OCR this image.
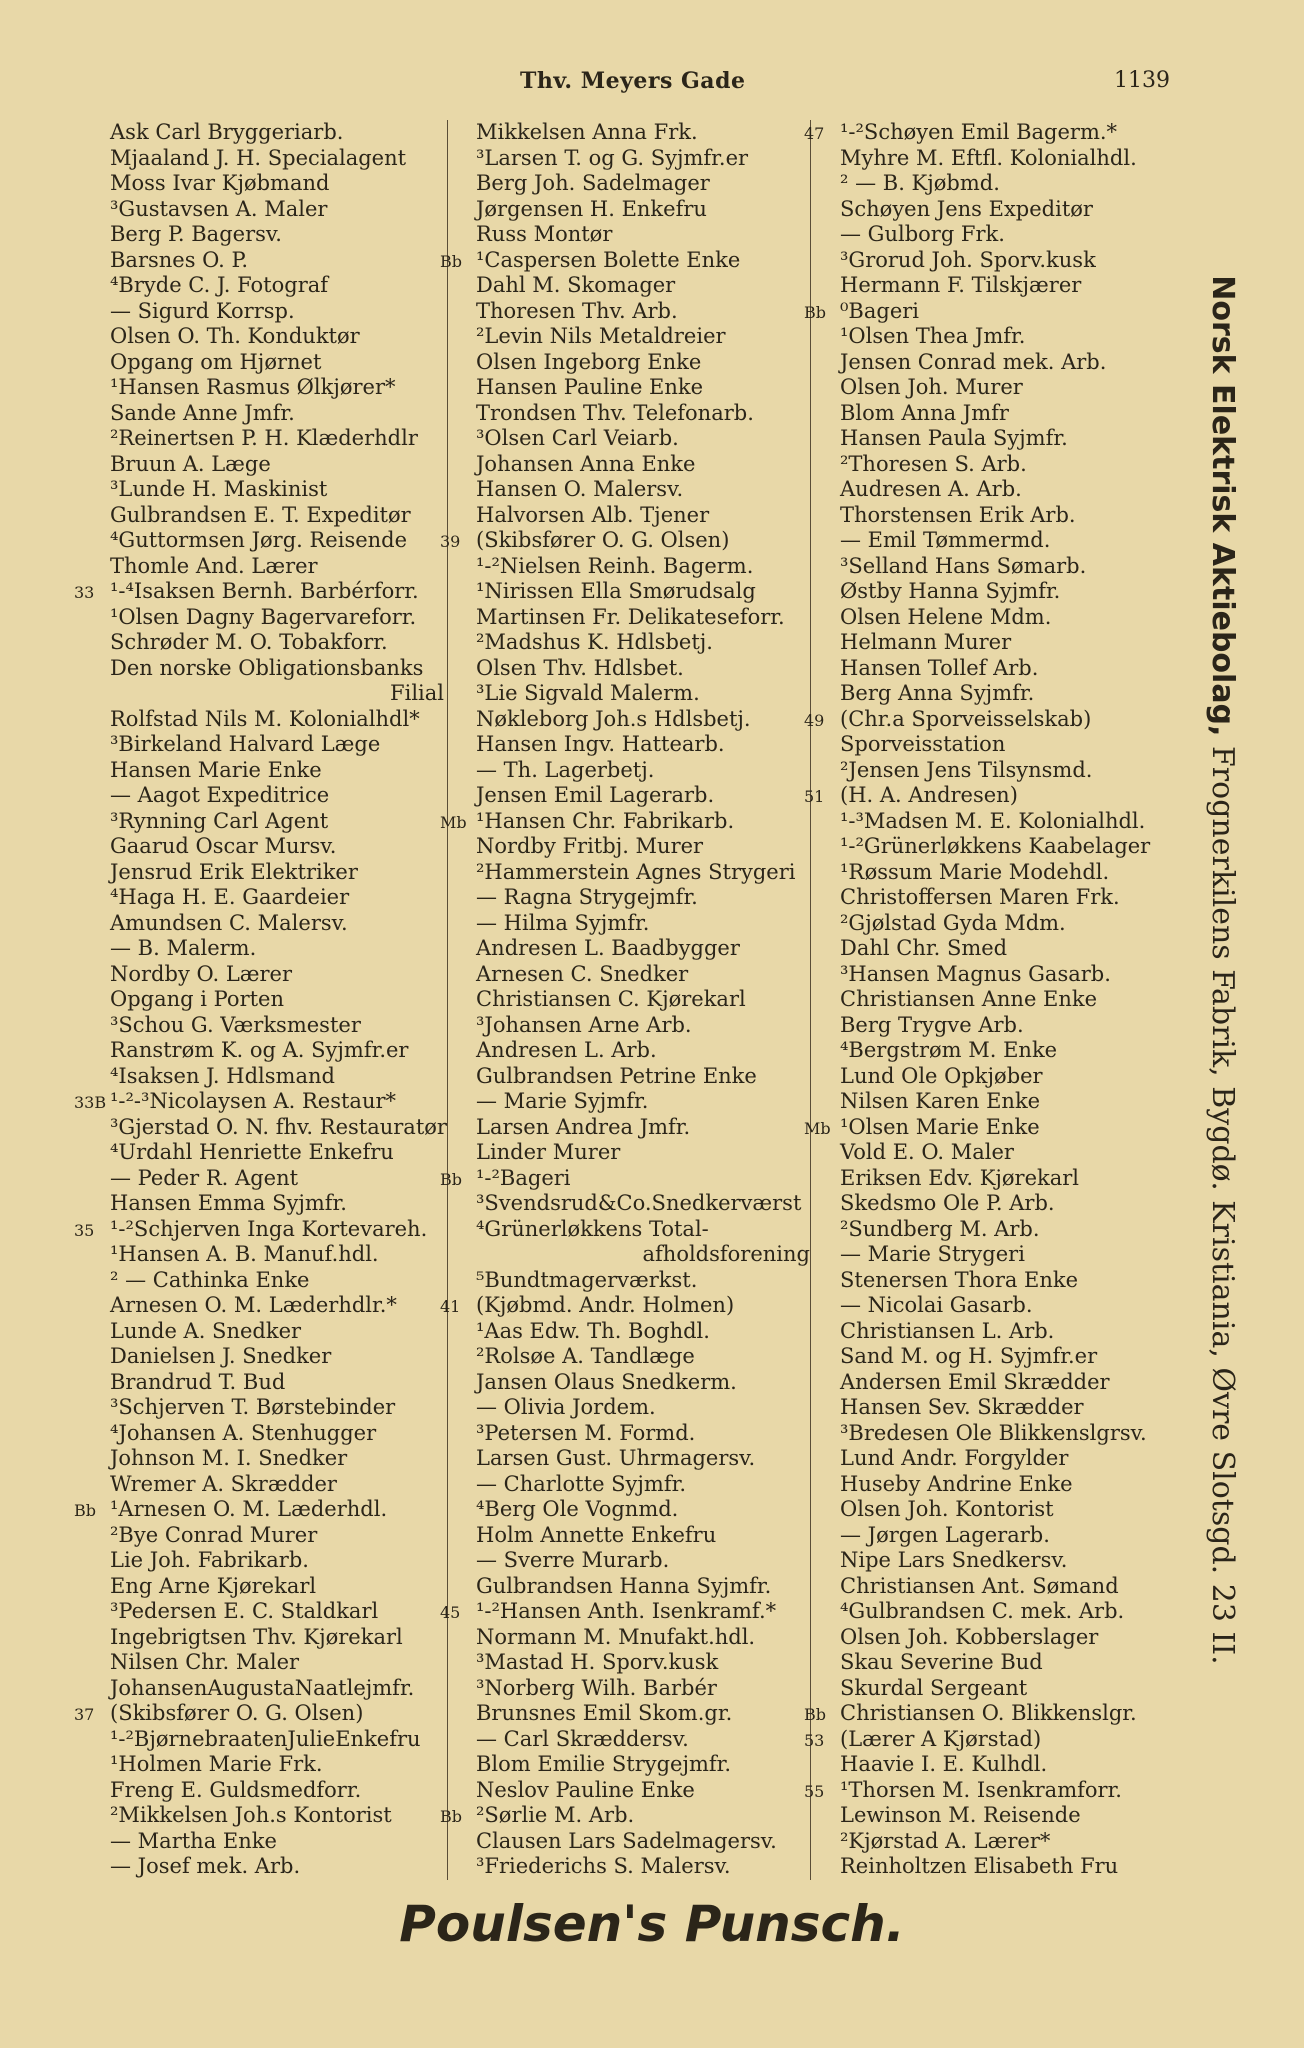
Thv. Meyers Gade	1139
Ask Carl Bryggeriarb.
Mjaaland J. H. Specialagent
Moss Ivar Kjøbmand
³Gustavsen A. Maler
Berg P. Bagersv.
Barsnes O. P.
⁴Bryde C. J. Fotograf
— Sigurd Korrsp.
Olsen O. Th. Konduktør
Opgang om Hjørnet
¹Hansen Rasmus Ølkjører*
Sande Anne Jmfr.
²Reinertsen P. H. Klæderhdlr
Bruun A. Læge
³Lunde H. Maskinist
Gulbrandsen E. T. Expeditør
⁴Guttormsen Jørg. Reisende
Thomle And. Lærer
33 ¹-⁴Isaksen Bernh. Barbérforr.
¹Olsen Dagny Bagervareforr.
Schrøder M. O. Tobakforr.
Den norske Obligationsbanks
Filial
Rolfstad Nils M. Kolonialhdl*
³Birkeland Halvard Læge
Hansen Marie Enke
— Aagot Expeditrice
³Rynning Carl Agent
Gaarud Oscar Mursv.
Jensrud Erik Elektriker
⁴Haga H. E. Gaardeier
Amundsen C. Malersv.
— B. Malerm.
Nordby O. Lærer
Opgang i Porten
³Schou G. Værksmester
Ranstrøm K. og A. Syjmfr.er
⁴Isaksen J. Hdlsmand
33B ¹-²-³Nicolaysen A. Restaur*
³Gjerstad O. N. fhv. Restauratør
⁴Urdahl Henriette Enkefru
— Peder R. Agent
Hansen Emma Syjmfr.
35 ¹-²Schjerven Inga Kortevareh.
¹Hansen A. B. Manuf.hdl.
² — Cathinka Enke
Arnesen O. M. Læderhdlr.*
Lunde A. Snedker
Danielsen J. Snedker
Brandrud T. Bud
³Schjerven T. Børstebinder
⁴Johansen A. Stenhugger
Johnson M. I. Snedker
Wremer A. Skrædder
Bb ¹Arnesen O. M. Læderhdl.
²Bye Conrad Murer
Lie Joh. Fabrikarb.
Eng Arne Kjørekarl
³Pedersen E. C. Staldkarl
Ingebrigtsen Thv. Kjørekarl
Nilsen Chr. Maler
JohansenAugustaNaatlejmfr.
37 (Skibsfører O. G. Olsen)
¹-²BjørnebraatenJulieEnkefru
¹Holmen Marie Frk.
Freng E. Guldsmedforr.
²Mikkelsen Joh.s Kontorist
— Martha Enke
— Josef mek. Arb.
Mikkelsen Anna Frk.
³Larsen T. og G. Syjmfr.er
Berg Joh. Sadelmager
Jørgensen H. Enkefru
Russ Montør
Bb ¹Caspersen Bolette Enke
Dahl M. Skomager
Thoresen Thv. Arb.
²Levin Nils Metaldreier
Olsen Ingeborg Enke
Hansen Pauline Enke
Trondsen Thv. Telefonarb.
³Olsen Carl Veiarb.
Johansen Anna Enke
Hansen O. Malersv.
Halvorsen Alb. Tjener
39 (Skibsfører O. G. Olsen)
¹-²Nielsen Reinh. Bagerm.
¹Nirissen Ella Smørudsalg
Martinsen Fr. Delikateseforr.
²Madshus K. Hdlsbetj.
Olsen Thv. Hdlsbet.
³Lie Sigvald Malerm.
Nøkleborg Joh.s Hdlsbetj.
Hansen Ingv. Hattearb.
— Th. Lagerbetj.
Jensen Emil Lagerarb.
Mb ¹Hansen Chr. Fabrikarb.
Nordby Fritbj. Murer
²Hammerstein Agnes Strygeri
— Ragna Strygejmfr.
— Hilma Syjmfr.
Andresen L. Baadbygger
Arnesen C. Snedker
Christiansen C. Kjørekarl
³Johansen Arne Arb.
Andresen L. Arb.
Gulbrandsen Petrine Enke
— Marie Syjmfr.
Larsen Andrea Jmfr.
Linder Murer
Bb ¹-²Bageri
³Svendsrud&Co.Snedkerværst
⁴Grünerløkkens Total-
afholdsforening
⁵Bundtmagerværkst.
41 (Kjøbmd. Andr. Holmen)
¹Aas Edw. Th. Boghdl.
²Rolsøe A. Tandlæge
Jansen Olaus Snedkerm.
— Olivia Jordem.
³Petersen M. Formd.
Larsen Gust. Uhrmagersv.
— Charlotte Syjmfr.
⁴Berg Ole Vognmd.
Holm Annette Enkefru
— Sverre Murarb.
Gulbrandsen Hanna Syjmfr.
45 ¹-²Hansen Anth. Isenkramf.*
Normann M. Mnufakt.hdl.
³Mastad H. Sporv.kusk
³Norberg Wilh. Barbér
Brunsnes Emil Skom.gr.
— Carl Skræddersv.
Blom Emilie Strygejmfr.
Neslov Pauline Enke
Bb ²Sørlie M. Arb.
Clausen Lars Sadelmagersv.
³Friederichs S. Malersv.
47 ¹-²Schøyen Emil Bagerm.*
Myhre M. Eftfl. Kolonialhdl.
² — B. Kjøbmd.
Schøyen Jens Expeditør
— Gulborg Frk.
³Grorud Joh. Sporv.kusk
Hermann F. Tilskjærer
Bb ⁰Bageri
¹Olsen Thea Jmfr.
Jensen Conrad mek. Arb.
Olsen Joh. Murer
Blom Anna Jmfr
Hansen Paula Syjmfr.
²Thoresen S. Arb.
Audresen A. Arb.
Thorstensen Erik Arb.
— Emil Tømmermd.
³Selland Hans Sømarb.
Østby Hanna Syjmfr.
Olsen Helene Mdm.
Helmann Murer
Hansen Tollef Arb.
Berg Anna Syjmfr.
49 (Chr.a Sporveisselskab)
Sporveisstation
²Jensen Jens Tilsynsmd.
51 (H. A. Andresen)
¹-³Madsen M. E. Kolonialhdl.
¹-²Grünerløkkens Kaabelager
¹Røssum Marie Modehdl.
Christoffersen Maren Frk.
²Gjølstad Gyda Mdm.
Dahl Chr. Smed
³Hansen Magnus Gasarb.
Christiansen Anne Enke
Berg Trygve Arb.
⁴Bergstrøm M. Enke
Lund Ole Opkjøber
Nilsen Karen Enke
Mb ¹Olsen Marie Enke
Vold E. O. Maler
Eriksen Edv. Kjørekarl
Skedsmo Ole P. Arb.
²Sundberg M. Arb.
— Marie Strygeri
Stenersen Thora Enke
— Nicolai Gasarb.
Christiansen L. Arb.
Sand M. og H. Syjmfr.er
Andersen Emil Skrædder
Hansen Sev. Skrædder
³Bredesen Ole Blikkenslgrsv.
Lund Andr. Forgylder
Huseby Andrine Enke
Olsen Joh. Kontorist
— Jørgen Lagerarb.
Nipe Lars Snedkersv.
Christiansen Ant. Sømand
⁴Gulbrandsen C. mek. Arb.
Olsen Joh. Kobberslager
Skau Severine Bud
Skurdal Sergeant
Bb Christiansen O. Blikkenslgr.
53 (Lærer A Kjørstad)
Haavie I. E. Kulhdl.
55 ¹Thorsen M. Isenkramforr.
Lewinson M. Reisende
²Kjørstad A. Lærer*
Reinholtzen Elisabeth Fru
Norsk Elektrisk Aktiebolag, Frognerkilens Fabrik, Bygdø. Kristiania, Øvre Slotsgd. 23 II.
Poulsen's Punsch.
